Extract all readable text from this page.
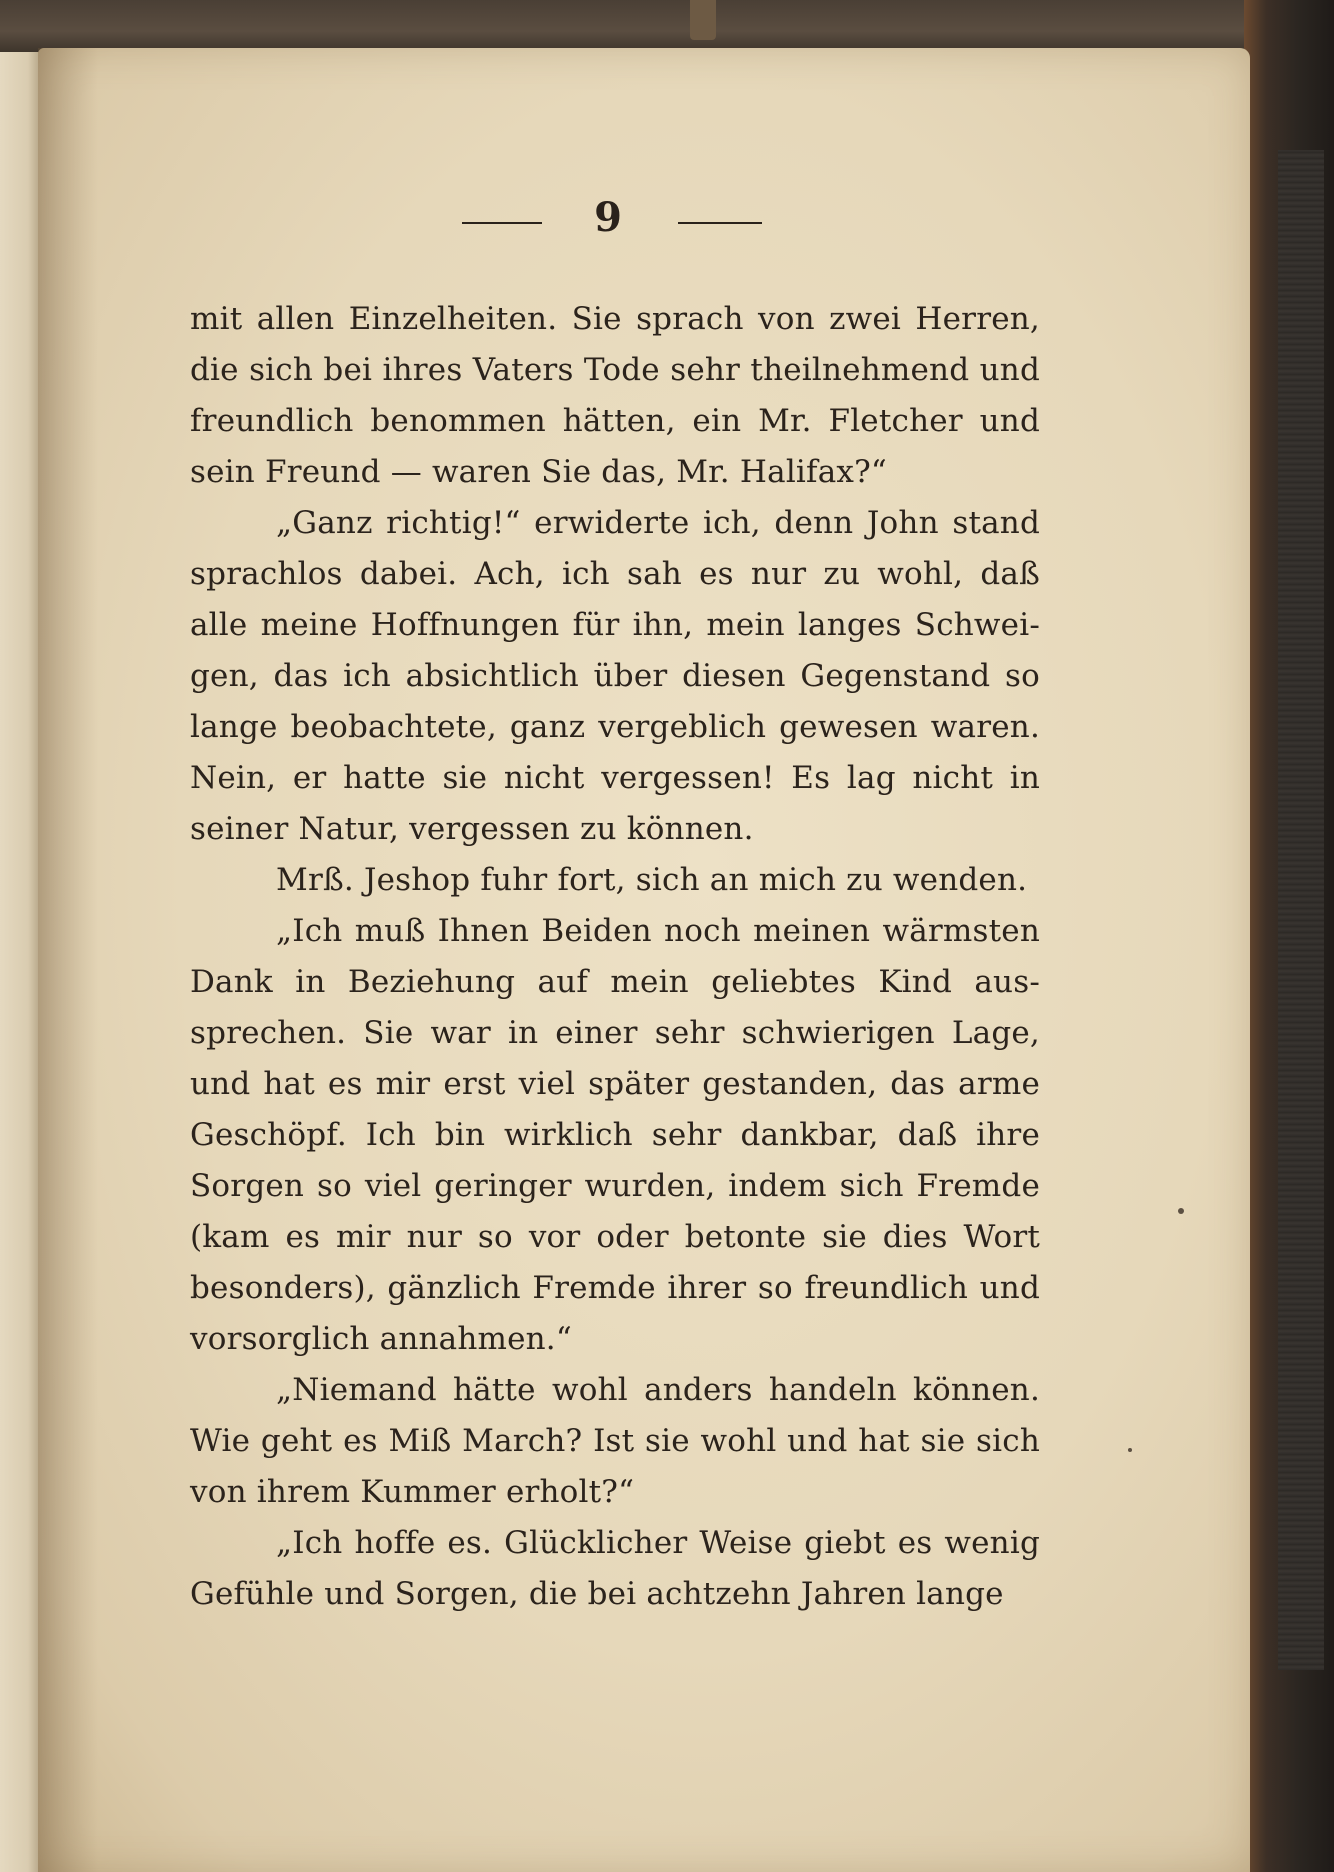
9

mit allen Einzelheiten. Sie sprach von zwei Herren, die sich bei ihres Vaters Tode sehr theilnehmend und freundlich benommen hätten, ein Mr. Fletcher und sein Freund — waren Sie das, Mr. Halifax?“

„Ganz richtig!“ erwiderte ich, denn John stand sprachlos dabei. Ach, ich sah es nur zu wohl, daß alle meine Hoffnungen für ihn, mein langes Schwei- gen, das ich absichtlich über diesen Gegenstand so lange beobachtete, ganz vergeblich gewesen waren. Nein, er hatte sie nicht vergessen! Es lag nicht in seiner Natur, vergessen zu können.

Mrß. Jeshop fuhr fort, sich an mich zu wenden.

„Ich muß Ihnen Beiden noch meinen wärmsten Dank in Beziehung auf mein geliebtes Kind aus- sprechen. Sie war in einer sehr schwierigen Lage, und hat es mir erst viel später gestanden, das arme Geschöpf. Ich bin wirklich sehr dankbar, daß ihre Sorgen so viel geringer wurden, indem sich Fremde (kam es mir nur so vor oder betonte sie dies Wort besonders), gänzlich Fremde ihrer so freundlich und vorsorglich annahmen.“

„Niemand hätte wohl anders handeln können. Wie geht es Miß March? Ist sie wohl und hat sie sich von ihrem Kummer erholt?“

„Ich hoffe es. Glücklicher Weise giebt es wenig Gefühle und Sorgen, die bei achtzehn Jahren lange
